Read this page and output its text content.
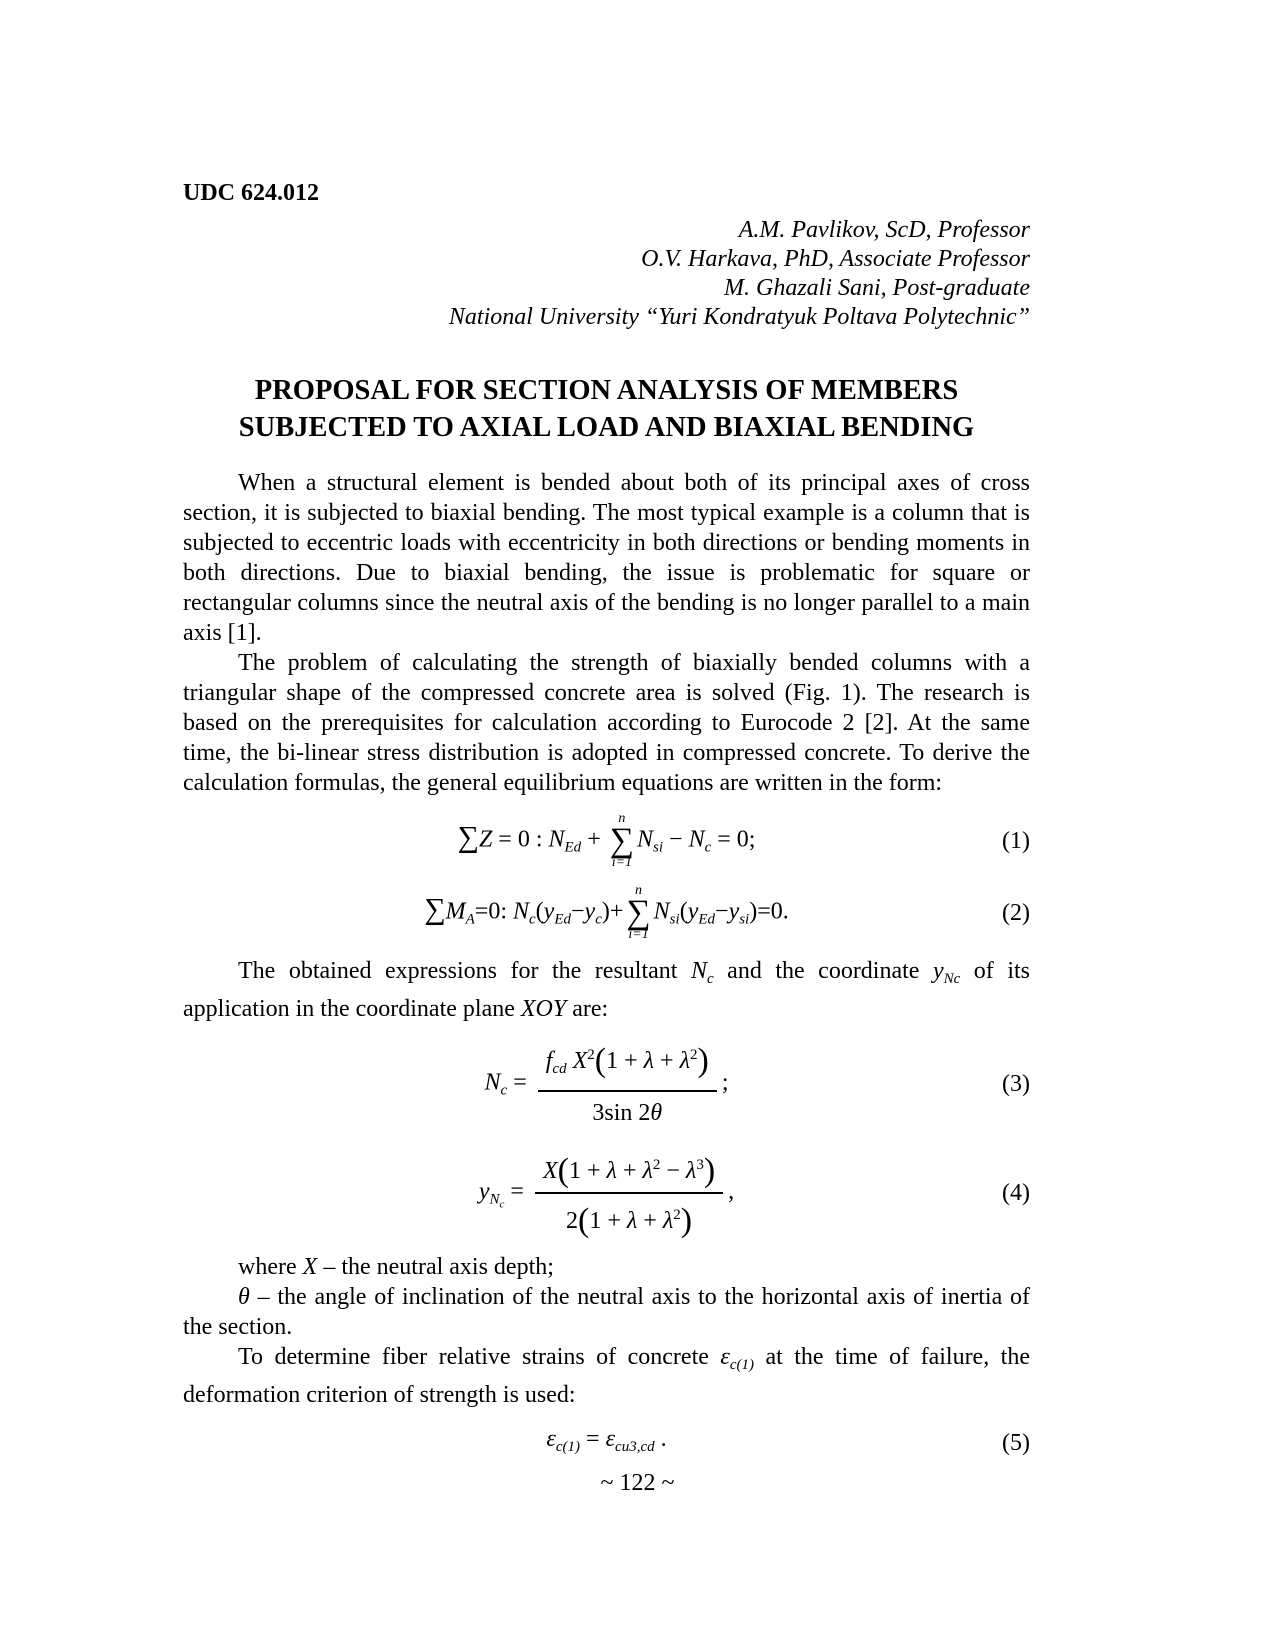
UDC 624.012
A.M. Pavlikov, ScD, Professor
O.V. Harkava, PhD, Associate Professor
M. Ghazali Sani, Post-graduate
National University “Yuri Kondratyuk Poltava Polytechnic”
PROPOSAL FOR SECTION ANALYSIS OF MEMBERS
SUBJECTED TO AXIAL LOAD AND BIAXIAL BENDING

When a structural element is bended about both of its principal axes of cross section, it is subjected to biaxial bending. The most typical example is a column that is subjected to eccentric loads with eccentricity in both directions or bending moments in both directions. Due to biaxial bending, the issue is problematic for square or rectangular columns since the neutral axis of the bending is no longer parallel to a main axis [1].

The problem of calculating the strength of biaxially bended columns with a triangular shape of the compressed concrete area is solved (Fig. 1). The research is based on the prerequisites for calculation according to Eurocode 2 [2]. At the same time, the bi-linear stress distribution is adopted in compressed concrete. To derive the calculation formulas, the general equilibrium equations are written in the form:

∑Z = 0 : $N_{Ed}$ +
n
∑
i=1
$N_{si} - N_c = 0$;	(1)
$\sum M_A=0$: $N_c(y_{Ed}-y_c)+$
n
∑
i=1
$N_{si}(y_{Ed}-y_{si})=0$.	(2)

The obtained expressions for the resultant $N_c$ and the coordinate $y_{Nc}$ of its application in the coordinate plane XOY are:

$N_c = \frac{f_{cd} X^2(1 + \lambda + \lambda^2)}{3\sin 2\theta}$ ;	(3)
$y_{Nc} = \frac{X(1 + \lambda + \lambda^2 - \lambda^3)}{2(1 + \lambda + \lambda^2)}$ ,	(4)

where X – the neutral axis depth;

θ – the angle of inclination of the neutral axis to the horizontal axis of inertia of the section.

To determine fiber relative strains of concrete $\varepsilon_{c(1)}$ at the time of failure, the deformation criterion of strength is used:

$\varepsilon_{c(1)} = \varepsilon_{cu3,cd}$ .	(5)
~ 122 ~
